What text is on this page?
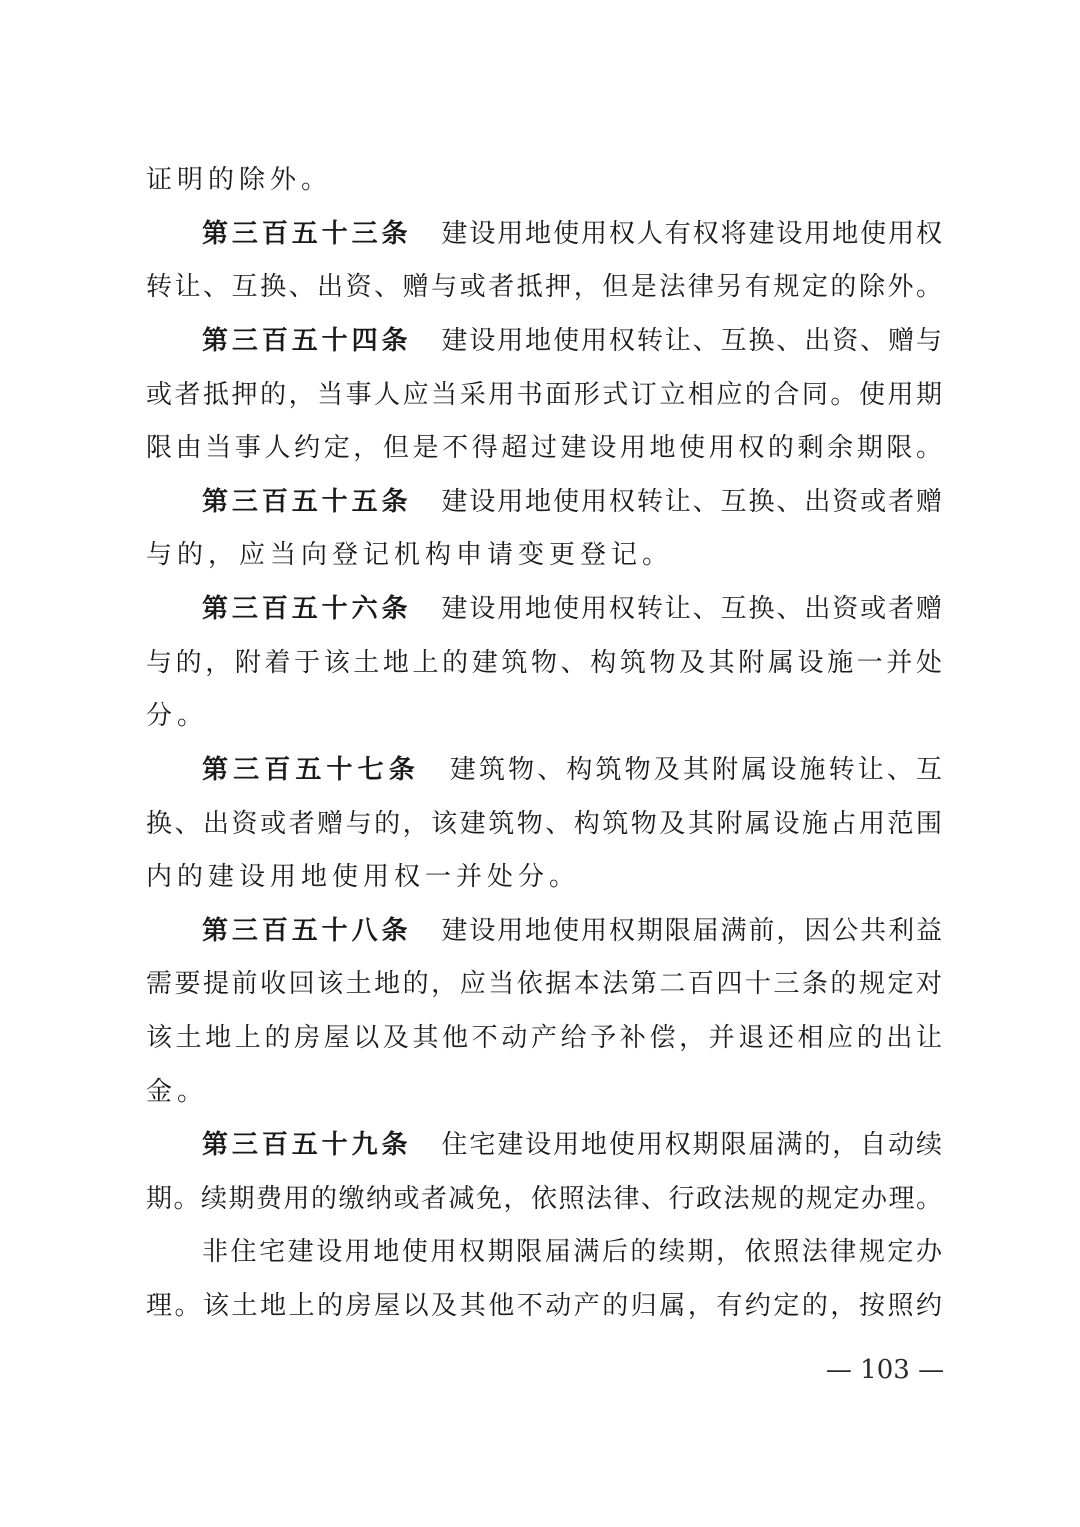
证明的除外。
第三百五十三条 建设用地使用权人有权将建设用地使用权
转让、互换、出资、赠与或者抵押，但是法律另有规定的除外。
第三百五十四条 建设用地使用权转让、互换、出资、赠与
或者抵押的，当事人应当采用书面形式订立相应的合同。使用期
限由当事人约定，但是不得超过建设用地使用权的剩余期限。
第三百五十五条 建设用地使用权转让、互换、出资或者赠
与的，应当向登记机构申请变更登记。
第三百五十六条 建设用地使用权转让、互换、出资或者赠
与的，附着于该土地上的建筑物、构筑物及其附属设施一并处
分。
第三百五十七条 建筑物、构筑物及其附属设施转让、互
换、出资或者赠与的，该建筑物、构筑物及其附属设施占用范围
内的建设用地使用权一并处分。
第三百五十八条 建设用地使用权期限届满前，因公共利益
需要提前收回该土地的，应当依据本法第二百四十三条的规定对
该土地上的房屋以及其他不动产给予补偿，并退还相应的出让
金。
第三百五十九条 住宅建设用地使用权期限届满的，自动续
期。续期费用的缴纳或者减免，依照法律、行政法规的规定办理。
非住宅建设用地使用权期限届满后的续期，依照法律规定办
理。该土地上的房屋以及其他不动产的归属，有约定的，按照约
— 103 —
